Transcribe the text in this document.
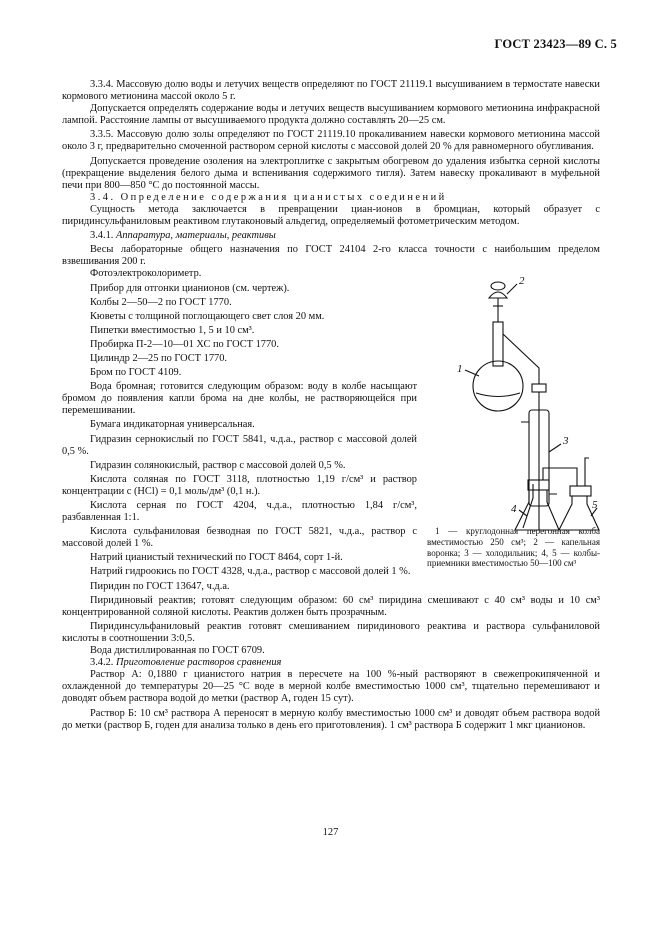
ГОСТ 23423—89 С. 5

3.3.4. Массовую долю воды и летучих веществ определяют по ГОСТ 21119.1 высушиванием в термостате навески кормового метионина массой около 5 г.

Допускается определять содержание воды и летучих веществ высушиванием кормового метионина инфракрасной лампой. Расстояние лампы от высушиваемого продукта должно составлять 20—25 см.

3.3.5. Массовую долю золы определяют по ГОСТ 21119.10 прокаливанием навески кормового метионина массой около 3 г, предварительно смоченной раствором серной кислоты с массовой долей 20 % для равномерного обугливания.

Допускается проведение озоления на электроплитке с закрытым обогревом до удаления избытка серной кислоты (прекращение выделения белого дыма и вспенивания содержимого тигля). Затем навеску прокаливают в муфельной печи при 800—850 °С до постоянной массы.

3.4. Определение содержания цианистых соединений

Сущность метода заключается в превращении циан-ионов в бромциан, который образует с пиридинсульфаниловым реактивом глутаконовый альдегид, определяемый фотометрическим методом.

3.4.1. Аппаратура, материалы, реактивы

Весы лабораторные общего назначения по ГОСТ 24104 2-го класса точности с наибольшим пределом взвешивания 200 г.

Фотоэлектроколориметр.

Прибор для отгонки цианионов (см. чертеж).

Колбы 2—50—2 по ГОСТ 1770.

Кюветы с толщиной поглощающего свет слоя 20 мм.

Пипетки вместимостью 1, 5 и 10 см³.

Пробирка П-2—10—01 ХС по ГОСТ 1770.

Цилиндр 2—25 по ГОСТ 1770.

Бром по ГОСТ 4109.

Вода бромная; готовится следующим образом: воду в колбе насыщают бромом до появления капли брома на дне колбы, не растворяющейся при перемешивании.

Бумага индикаторная универсальная.

Гидразин сернокислый по ГОСТ 5841, ч.д.а., раствор с массовой долей 0,5 %.

Гидразин солянокислый, раствор с массовой долей 0,5 %.

Кислота соляная по ГОСТ 3118, плотностью 1,19 г/см³ и раствор концентрации c (HCl) = 0,1 моль/дм³ (0,1 н.).

Кислота серная по ГОСТ 4204, ч.д.а., плотностью 1,84 г/см³, разбавленная 1:1.

Кислота сульфаниловая безводная по ГОСТ 5821, ч.д.а., раствор с массовой долей 1 %.

Натрий цианистый технический по ГОСТ 8464, сорт 1-й.

Натрий гидроокись по ГОСТ 4328, ч.д.а., раствор с массовой долей 1 %.

1
2
3
4	5
1 — круглодонная перегонная колба вместимостью 250 см³; 2 — капельная воронка; 3 — холодильник; 4, 5 — колбы-приемники вместимостью 50—100 см³

Пиридин по ГОСТ 13647, ч.д.а.

Пиридиновый реактив; готовят следующим образом: 60 см³ пиридина смешивают с 40 см³ воды и 10 см³ концентрированной соляной кислоты. Реактив должен быть прозрачным.

Пиридинсульфаниловый реактив готовят смешиванием пиридинового реактива и раствора сульфаниловой кислоты в соотношении 3:0,5.

Вода дистиллированная по ГОСТ 6709.

3.4.2. Приготовление растворов сравнения

Раствор А: 0,1880 г цианистого натрия в пересчете на 100 %-ный растворяют в свежепрокипяченной и охлажденной до температуры 20—25 °С воде в мерной колбе вместимостью 1000 см³, тщательно перемешивают и доводят объем раствора водой до метки (раствор А, годен 15 сут).

Раствор Б: 10 см³ раствора А переносят в мерную колбу вместимостью 1000 см³ и доводят объем раствора водой до метки (раствор Б, годен для анализа только в день его приготовления). 1 см³ раствора Б содержит 1 мкг цианионов.

127
